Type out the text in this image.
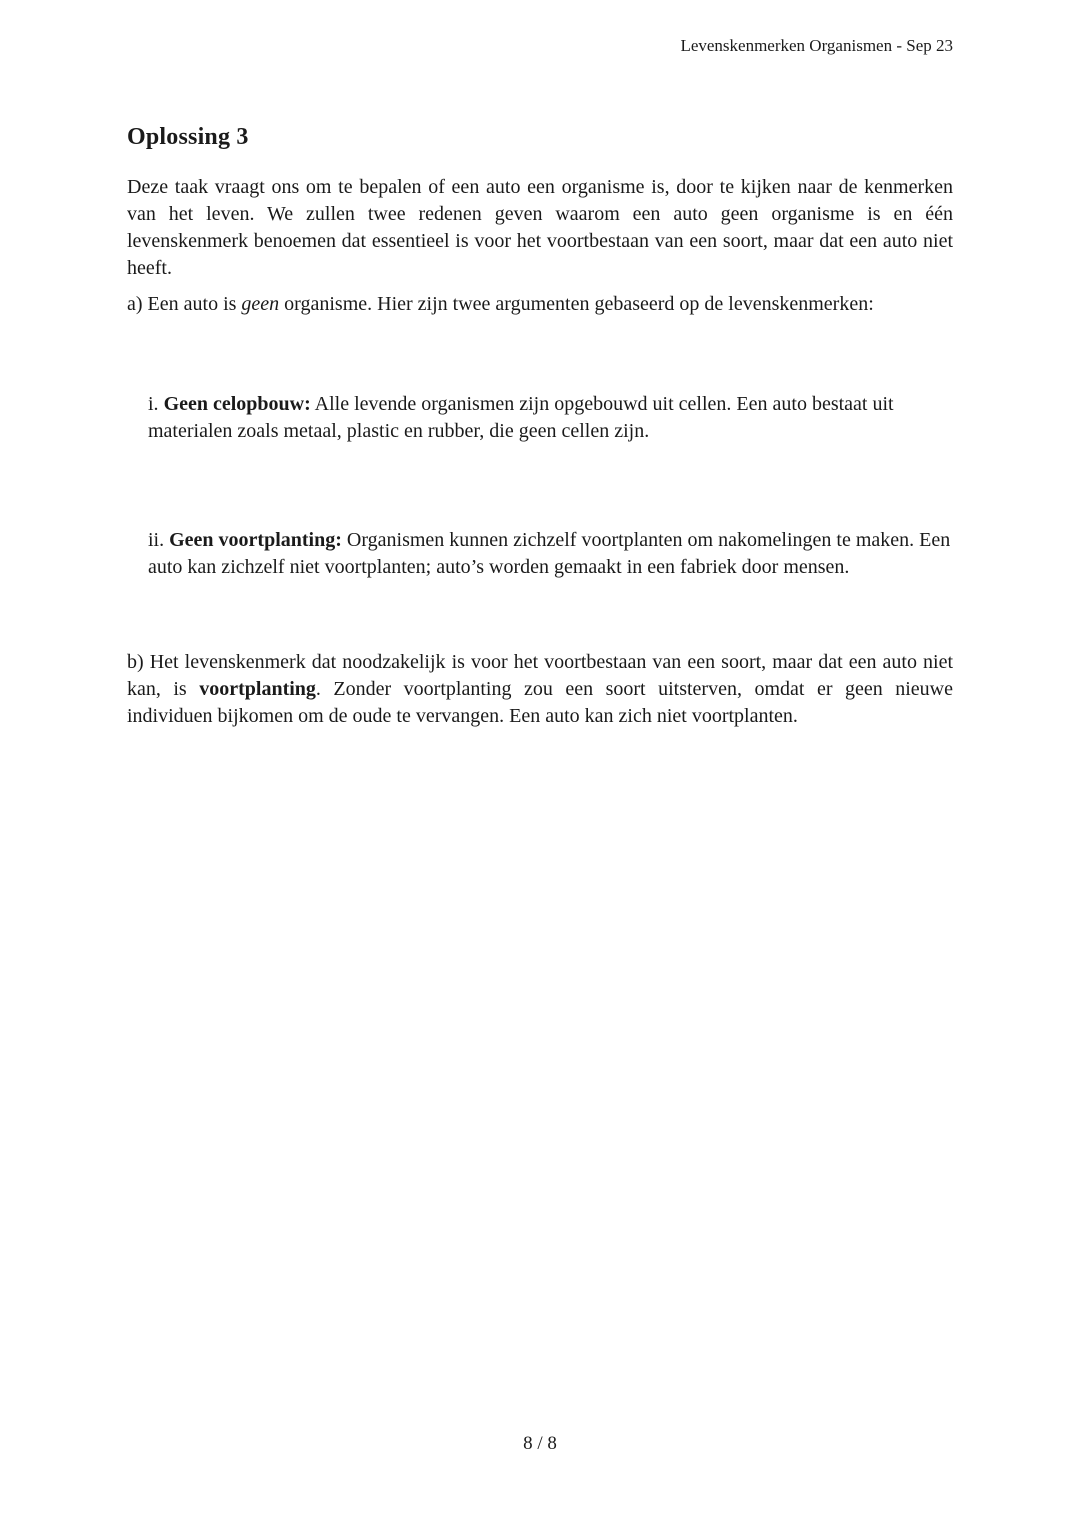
Levenskenmerken Organismen - Sep 23
Oplossing 3

Deze taak vraagt ons om te bepalen of een auto een organisme is, door te kijken naar de kenmerken van het leven. We zullen twee redenen geven waarom een auto geen organisme is en één levenskenmerk benoemen dat essentieel is voor het voortbestaan van een soort, maar dat een auto niet heeft.

a) Een auto is geen organisme. Hier zijn twee argumenten gebaseerd op de levenskenmerken:

i. Geen celopbouw: Alle levende organismen zijn opgebouwd uit cellen. Een auto bestaat uit materialen zoals metaal, plastic en rubber, die geen cellen zijn.

ii. Geen voortplanting: Organismen kunnen zichzelf voortplanten om nakomelingen te maken. Een auto kan zichzelf niet voortplanten; auto’s worden gemaakt in een fabriek door mensen.

b) Het levenskenmerk dat noodzakelijk is voor het voortbestaan van een soort, maar dat een auto niet kan, is voortplanting. Zonder voortplanting zou een soort uitsterven, omdat er geen nieuwe individuen bijkomen om de oude te vervangen. Een auto kan zich niet voortplanten.

8 / 8
